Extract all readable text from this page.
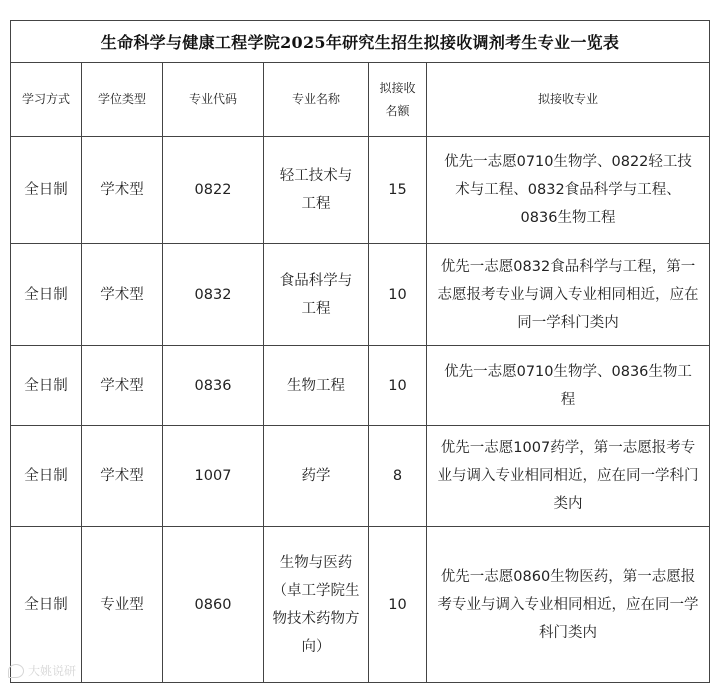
生命科学与健康工程学院2025年研究生招生拟接收调剂考生专业一览表					
学习方式	学位类型	专业代码	专业名称	拟接收名额	拟接收专业
全日制	学术型	0822	轻工技术与工程	15	优先一志愿0710生物学、0822轻工技术与工程、0832食品科学与工程、0836生物工程
全日制	学术型	0832	食品科学与工程	10	优先一志愿0832食品科学与工程，第一志愿报考专业与调入专业相同相近，应在同一学科门类内
全日制	学术型	0836	生物工程	10	优先一志愿0710生物学、0836生物工程
全日制	学术型	1007	药学	8	优先一志愿1007药学，第一志愿报考专业与调入专业相同相近，应在同一学科门类内
全日制	专业型	0860	生物与医药（卓工学院生物技术药物方向）	10	优先一志愿0860生物医药，第一志愿报考专业与调入专业相同相近，应在同一学科门类内
大姚说研
